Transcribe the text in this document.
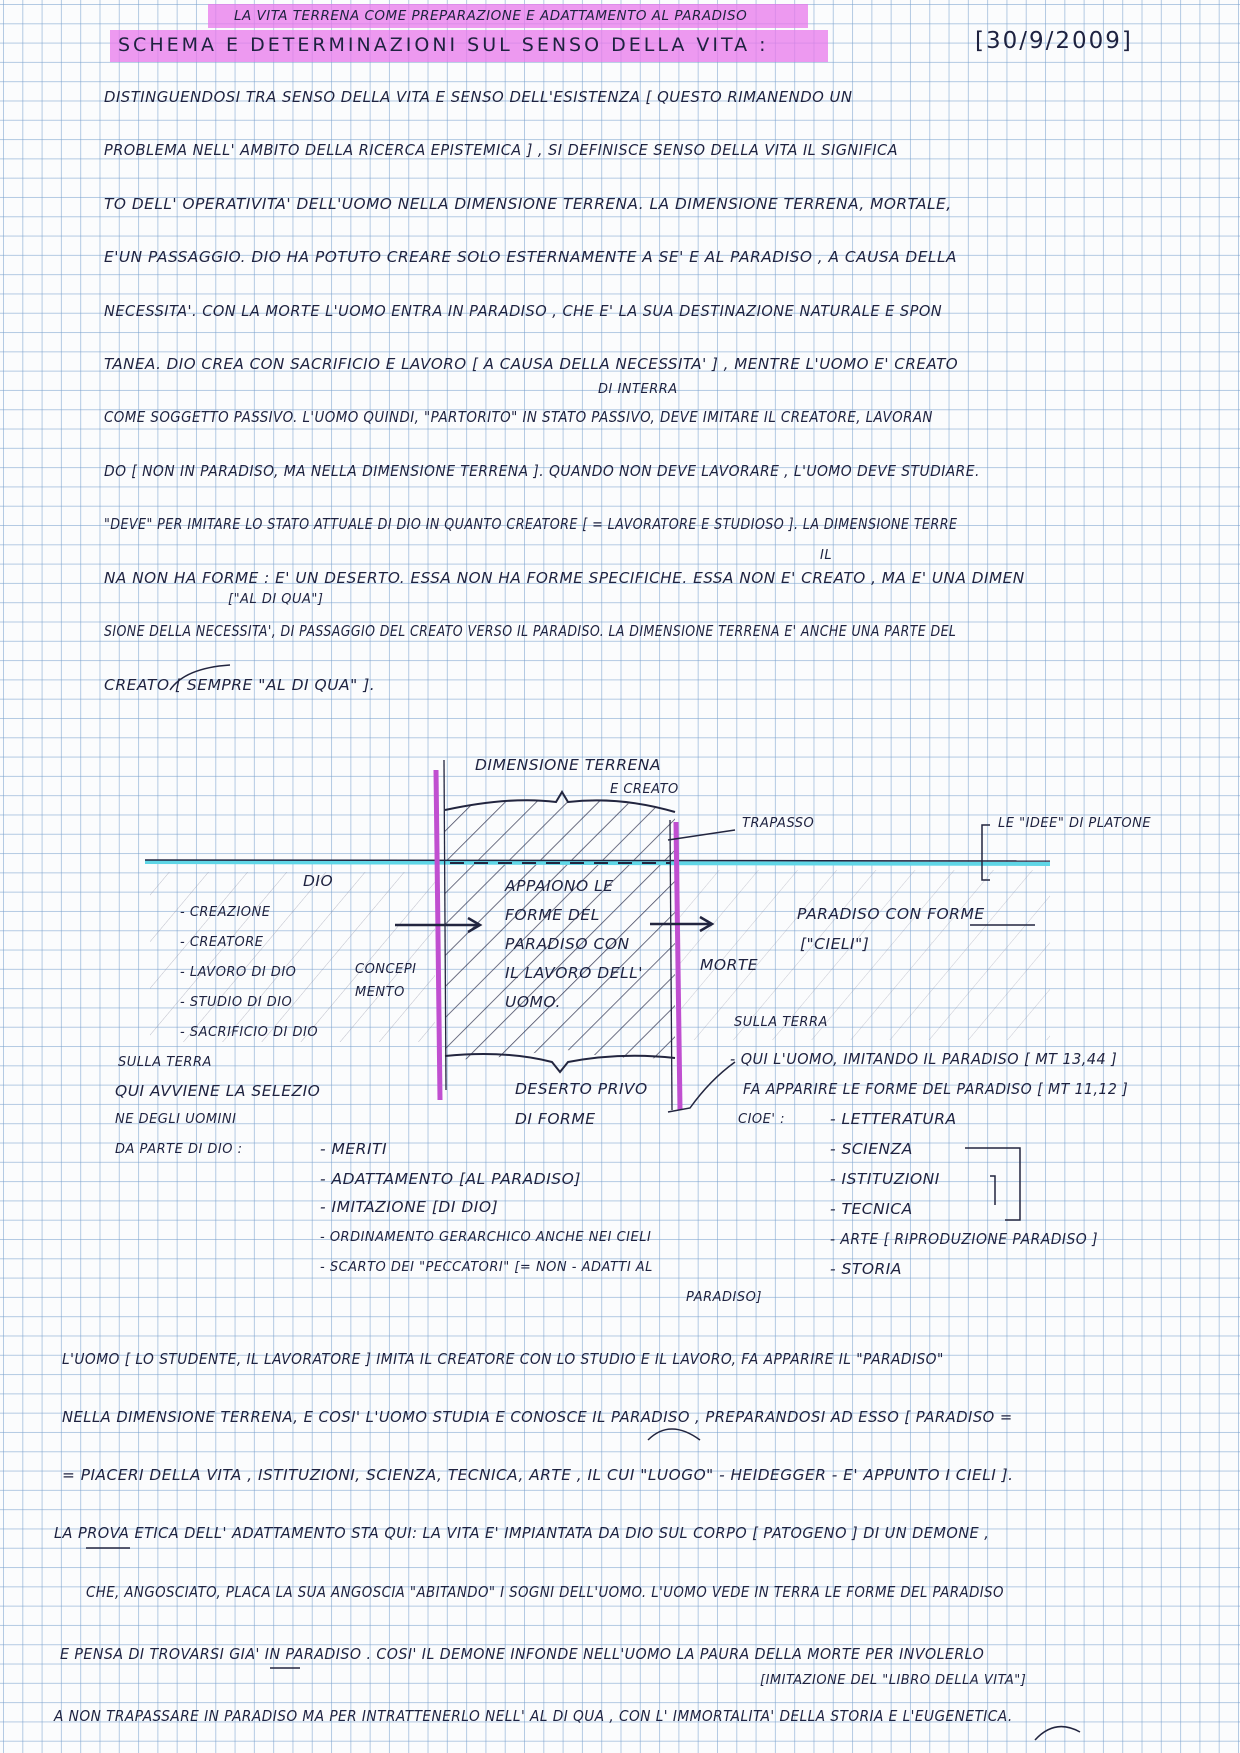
LA VITA TERRENA COME PREPARAZIONE E ADATTAMENTO AL PARADISO
SCHEMA E DETERMINAZIONI SUL SENSO DELLA VITA :	[30/9/2009]
DISTINGUENDOSI TRA SENSO DELLA VITA E SENSO DELL'ESISTENZA [ QUESTO RIMANENDO UN
PROBLEMA NELL' AMBITO DELLA RICERCA EPISTEMICA ] , SI DEFINISCE SENSO DELLA VITA IL SIGNIFICA
TO DELL' OPERATIVITA' DELL'UOMO NELLA DIMENSIONE TERRENA. LA DIMENSIONE TERRENA, MORTALE,
E'UN PASSAGGIO. DIO HA POTUTO CREARE SOLO ESTERNAMENTE A SE' E AL PARADISO , A CAUSA DELLA
NECESSITA'. CON LA MORTE L'UOMO ENTRA IN PARADISO , CHE E' LA SUA DESTINAZIONE NATURALE E SPON
TANEA. DIO CREA CON SACRIFICIO E LAVORO [ A CAUSA DELLA NECESSITA' ] , MENTRE L'UOMO E' CREATO
COME SOGGETTO PASSIVO. L'UOMO QUINDI, "PARTORITO" IN STATO PASSIVO, DEVE IMITARE IL CREATORE, LAVORAN
DO [ NON IN PARADISO, MA NELLA DIMENSIONE TERRENA ]. QUANDO NON DEVE LAVORARE , L'UOMO DEVE STUDIARE.
"DEVE" PER IMITARE LO STATO ATTUALE DI DIO IN QUANTO CREATORE [ = LAVORATORE E STUDIOSO ]. LA DIMENSIONE TERRE
NA NON HA FORME : E' UN DESERTO. ESSA NON HA FORME SPECIFICHE. ESSA NON E' CREATO , MA E' UNA DIMEN
SIONE DELLA NECESSITA', DI PASSAGGIO DEL CREATO VERSO IL PARADISO. LA DIMENSIONE TERRENA E' ANCHE UNA PARTE DEL
CREATO [ SEMPRE "AL DI QUA" ].
DI INTERRA
IL
["AL DI QUA"]
DIMENSIONE TERRENA
E CREATO
TRAPASSO	LE "IDEE" DI PLATONE
DIO
- CREAZIONE
- CREATORE
- LAVORO DI DIO
- STUDIO DI DIO
- SACRIFICIO DI DIO
CONCEPI
MENTO
APPAIONO LE
FORME DEL
PARADISO CON
IL LAVORO DELL'
UOMO.
PARADISO CON FORME
["CIELI"]
MORTE
SULLA TERRA
SULLA TERRA
QUI AVVIENE LA SELEZIO
NE DEGLI UOMINI
DA PARTE DI DIO :	- MERITI
- ADATTAMENTO [AL PARADISO]
- IMITAZIONE [DI DIO]
- ORDINAMENTO GERARCHICO ANCHE NEI CIELI
- SCARTO DEI "PECCATORI" [= NON - ADATTI AL
PARADISO]
DESERTO PRIVO
DI FORME
- QUI L'UOMO, IMITANDO IL PARADISO [ MT 13,44 ]
FA APPARIRE LE FORME DEL PARADISO [ MT 11,12 ]
CIOE' :	- LETTERATURA
- SCIENZA
- ISTITUZIONI
- TECNICA
- ARTE [ RIPRODUZIONE PARADISO ]
- STORIA
L'UOMO [ LO STUDENTE, IL LAVORATORE ] IMITA IL CREATORE CON LO STUDIO E IL LAVORO, FA APPARIRE IL "PARADISO"
NELLA DIMENSIONE TERRENA, E COSI' L'UOMO STUDIA E CONOSCE IL PARADISO , PREPARANDOSI AD ESSO [ PARADISO =
= PIACERI DELLA VITA , ISTITUZIONI, SCIENZA, TECNICA, ARTE , IL CUI "LUOGO" - HEIDEGGER - E' APPUNTO I CIELI ].
LA PROVA ETICA DELL' ADATTAMENTO STA QUI: LA VITA E' IMPIANTATA DA DIO SUL CORPO [ PATOGENO ] DI UN DEMONE ,
CHE, ANGOSCIATO, PLACA LA SUA ANGOSCIA "ABITANDO" I SOGNI DELL'UOMO. L'UOMO VEDE IN TERRA LE FORME DEL PARADISO
E PENSA DI TROVARSI GIA' IN PARADISO . COSI' IL DEMONE INFONDE NELL'UOMO LA PAURA DELLA MORTE PER INVOLERLO
A NON TRAPASSARE IN PARADISO MA PER INTRATTENERLO NELL' AL DI QUA , CON L' IMMORTALITA' DELLA STORIA E L'EUGENETICA.
[IMITAZIONE DEL "LIBRO DELLA VITA"]
